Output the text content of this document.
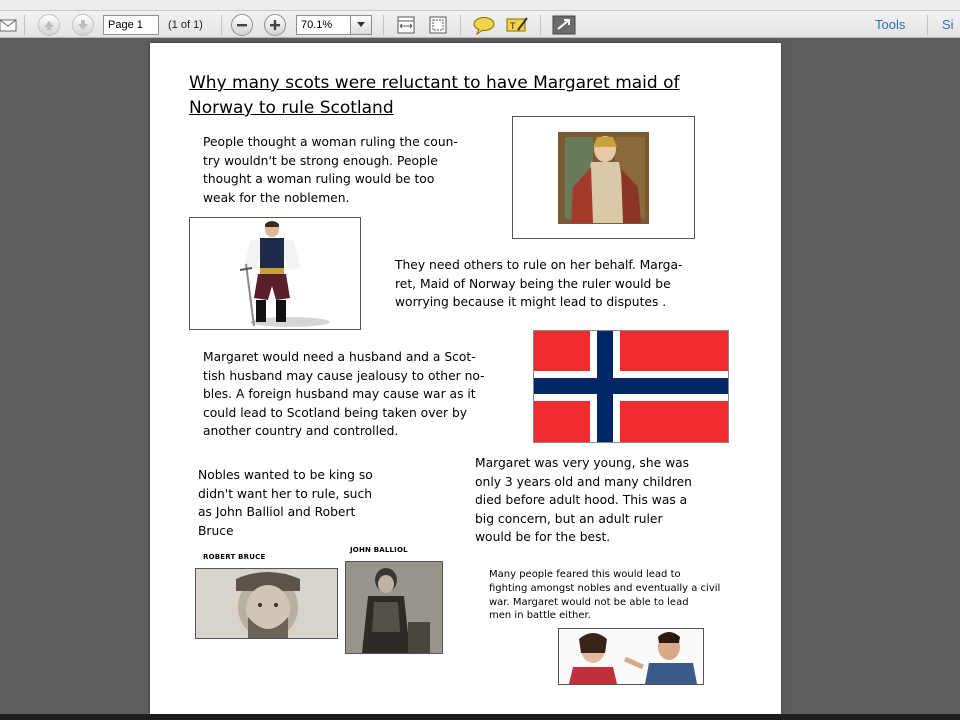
Page 1	(1 of 1)	70.1%	T	Tools	Si
Why many scots were reluctant to have Margaret maid of
Norway to rule Scotland
People thought a woman ruling the coun-
try wouldn't be strong enough. People
thought a woman ruling would be too
weak for the noblemen.
They need others to rule on her behalf. Marga-
ret, Maid of Norway being the ruler would be
worrying because it might lead to disputes .
Margaret would need a husband and a Scot-
tish husband may cause jealousy to other no-
bles. A foreign husband may cause war as it
could lead to Scotland being taken over by
another country and controlled.
Nobles wanted to be king so
didn't want her to rule, such
as John Balliol and Robert
Bruce
Margaret was very young, she was
only 3 years old and many children
died before adult hood. This was a
big concern, but an adult ruler
would be for the best.
ROBERT BRUCE
JOHN BALLIOL
Many people feared this would lead to
fighting amongst nobles and eventually a civil
war. Margaret would not be able to lead
men in battle either.
